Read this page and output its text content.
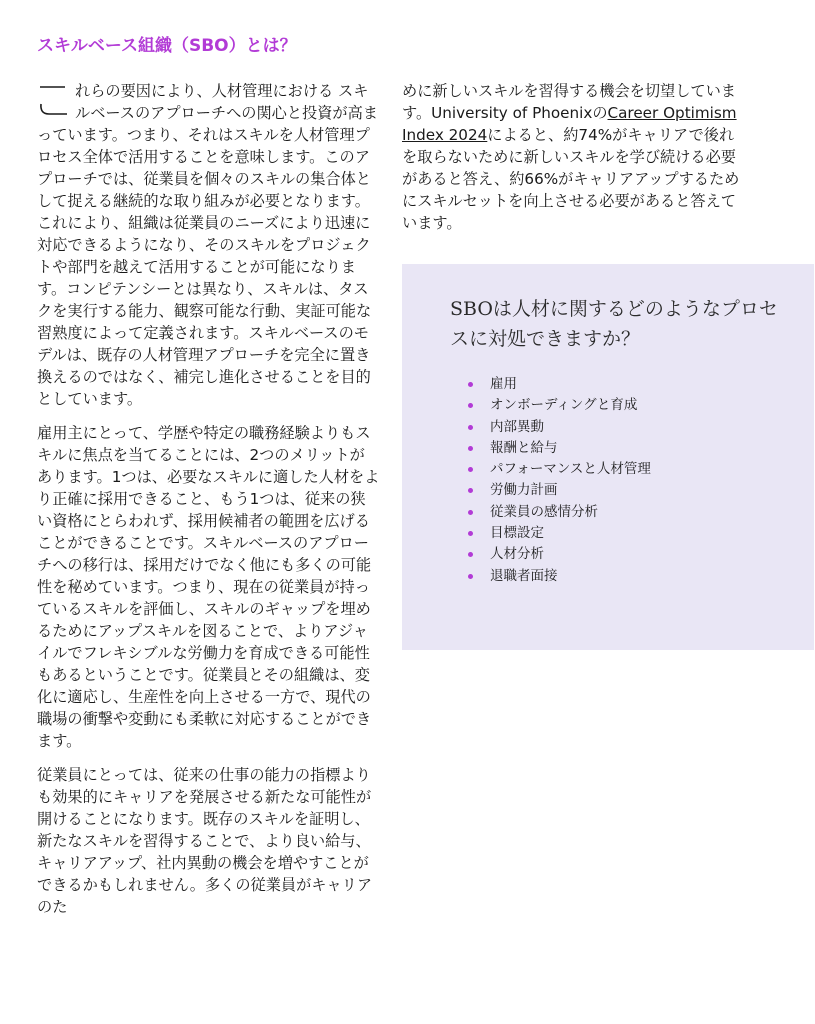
スキルベース組織（SBO）とは？

れらの要因により、人材管理における スキルベースのアプローチへの関心と投資が高まっています。つまり、それはスキルを人材管理プロセス全体で活用することを意味します。このアプローチでは、従業員を個々のスキルの集合体として捉える継続的な取り組みが必要となります。これにより、組織は従業員のニーズにより迅速に対応できるようになり、そのスキルをプロジェクトや部門を越えて活用することが可能になります。コンピテンシーとは異なり、スキルは、タスクを実行する能力、観察可能な行動、実証可能な習熟度によって定義されます。スキルベースのモデルは、既存の人材管理アプローチを完全に置き換えるのではなく、補完し進化させることを目的としています。

雇用主にとって、学歴や特定の職務経験よりもスキルに焦点を当てることには、2つのメリットがあります。1つは、必要なスキルに適した人材をより正確に採用できること、もう1つは、従来の狭い資格にとらわれず、採用候補者の範囲を広げることができることです。スキルベースのアプローチへの移行は、採用だけでなく他にも多くの可能性を秘めています。つまり、現在の従業員が持っているスキルを評価し、スキルのギャップを埋めるためにアップスキルを図ることで、よりアジャイルでフレキシブルな労働力を育成できる可能性もあるということです。従業員とその組織は、変化に適応し、生産性を向上させる一方で、現代の職場の衝撃や変動にも柔軟に対応することができます。

従業員にとっては、従来の仕事の能力の指標よりも効果的にキャリアを発展させる新たな可能性が開けることになります。既存のスキルを証明し、新たなスキルを習得することで、より良い給与、キャリアアップ、社内異動の機会を増やすことができるかもしれません。多くの従業員がキャリアのた

めに新しいスキルを習得する機会を切望しています。University of PhoenixのCareer Optimism Index 2024によると、約74%がキャリアで後れを取らないために新しいスキルを学び続ける必要があると答え、約66%がキャリアアップするためにスキルセットを向上させる必要があると答えています。

SBOは人材に関するどのようなプロセスに対処できますか？
雇用
オンボーディングと育成
内部異動
報酬と給与
パフォーマンスと人材管理
労働力計画
従業員の感情分析
目標設定
人材分析
退職者面接
